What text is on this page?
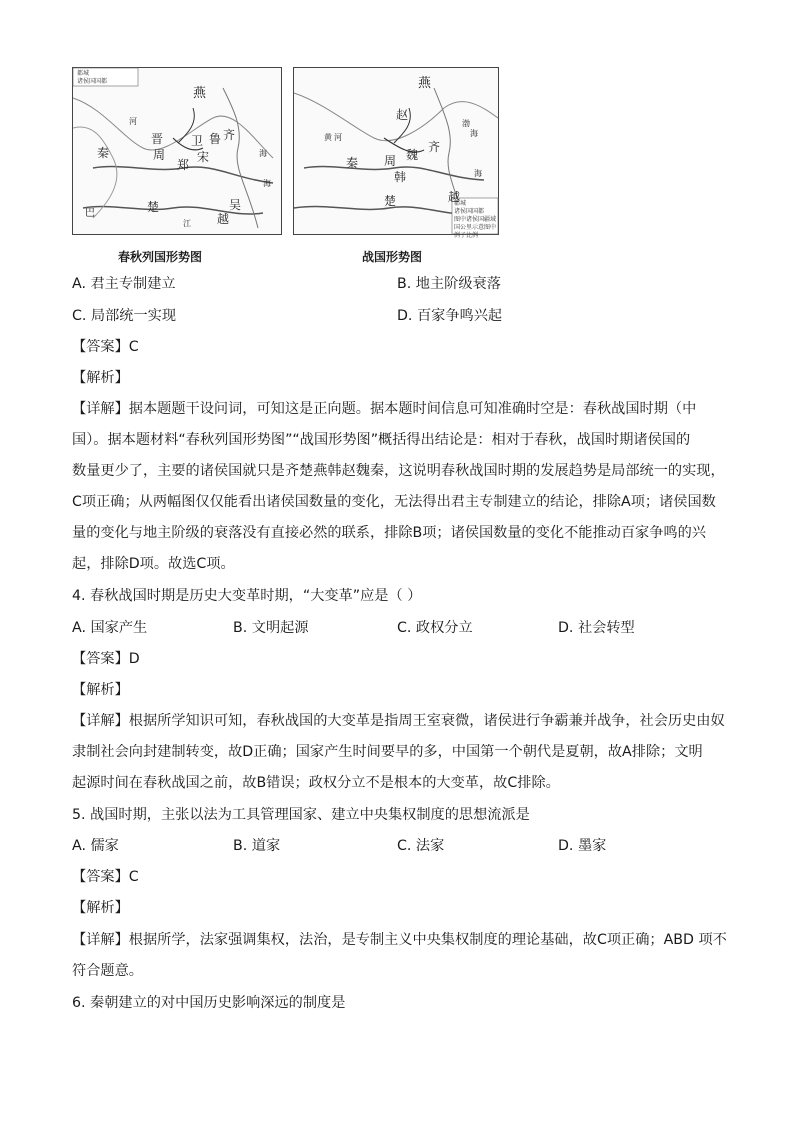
都城
诸侯国国都
燕
晋
周
卫 鲁 齐
宋
郑
秦
楚	吴
越
巴
河
江
海
海
春秋列国形势图
都城
诸侯国国都
图中诸侯国疆域
国公里示意图中例子比例
燕
赵
齐
秦 周 魏
韩
楚	越
黄 河
渤
海
海
战国形势图
A. 君主专制建立	B. 地主阶级衰落
C. 局部统一实现	D. 百家争鸣兴起
【答案】C
【解析】
【详解】据本题题干设问词，可知这是正向题。据本题时间信息可知准确时空是：春秋战国时期（中
国）。据本题材料“春秋列国形势图”“战国形势图”概括得出结论是：相对于春秋，战国时期诸侯国的
数量更少了，主要的诸侯国就只是齐楚燕韩赵魏秦，这说明春秋战国时期的发展趋势是局部统一的实现，
C项正确；从两幅图仅仅能看出诸侯国数量的变化，无法得出君主专制建立的结论，排除A项；诸侯国数
量的变化与地主阶级的衰落没有直接必然的联系，排除B项；诸侯国数量的变化不能推动百家争鸣的兴
起，排除D项。故选C项。
4. 春秋战国时期是历史大变革时期，“大变革”应是（ ）
A. 国家产生	B. 文明起源	C. 政权分立	D. 社会转型
【答案】D
【解析】
【详解】根据所学知识可知，春秋战国的大变革是指周王室衰微，诸侯进行争霸兼并战争，社会历史由奴
隶制社会向封建制转变，故D正确；国家产生时间要早的多，中国第一个朝代是夏朝，故A排除；文明
起源时间在春秋战国之前，故B错误；政权分立不是根本的大变革，故C排除。
5. 战国时期，主张以法为工具管理国家、建立中央集权制度的思想流派是
A. 儒家	B. 道家	C. 法家	D. 墨家
【答案】C
【解析】
【详解】根据所学，法家强调集权，法治，是专制主义中央集权制度的理论基础，故C项正确；ABD 项不
符合题意。
6. 秦朝建立的对中国历史影响深远的制度是
